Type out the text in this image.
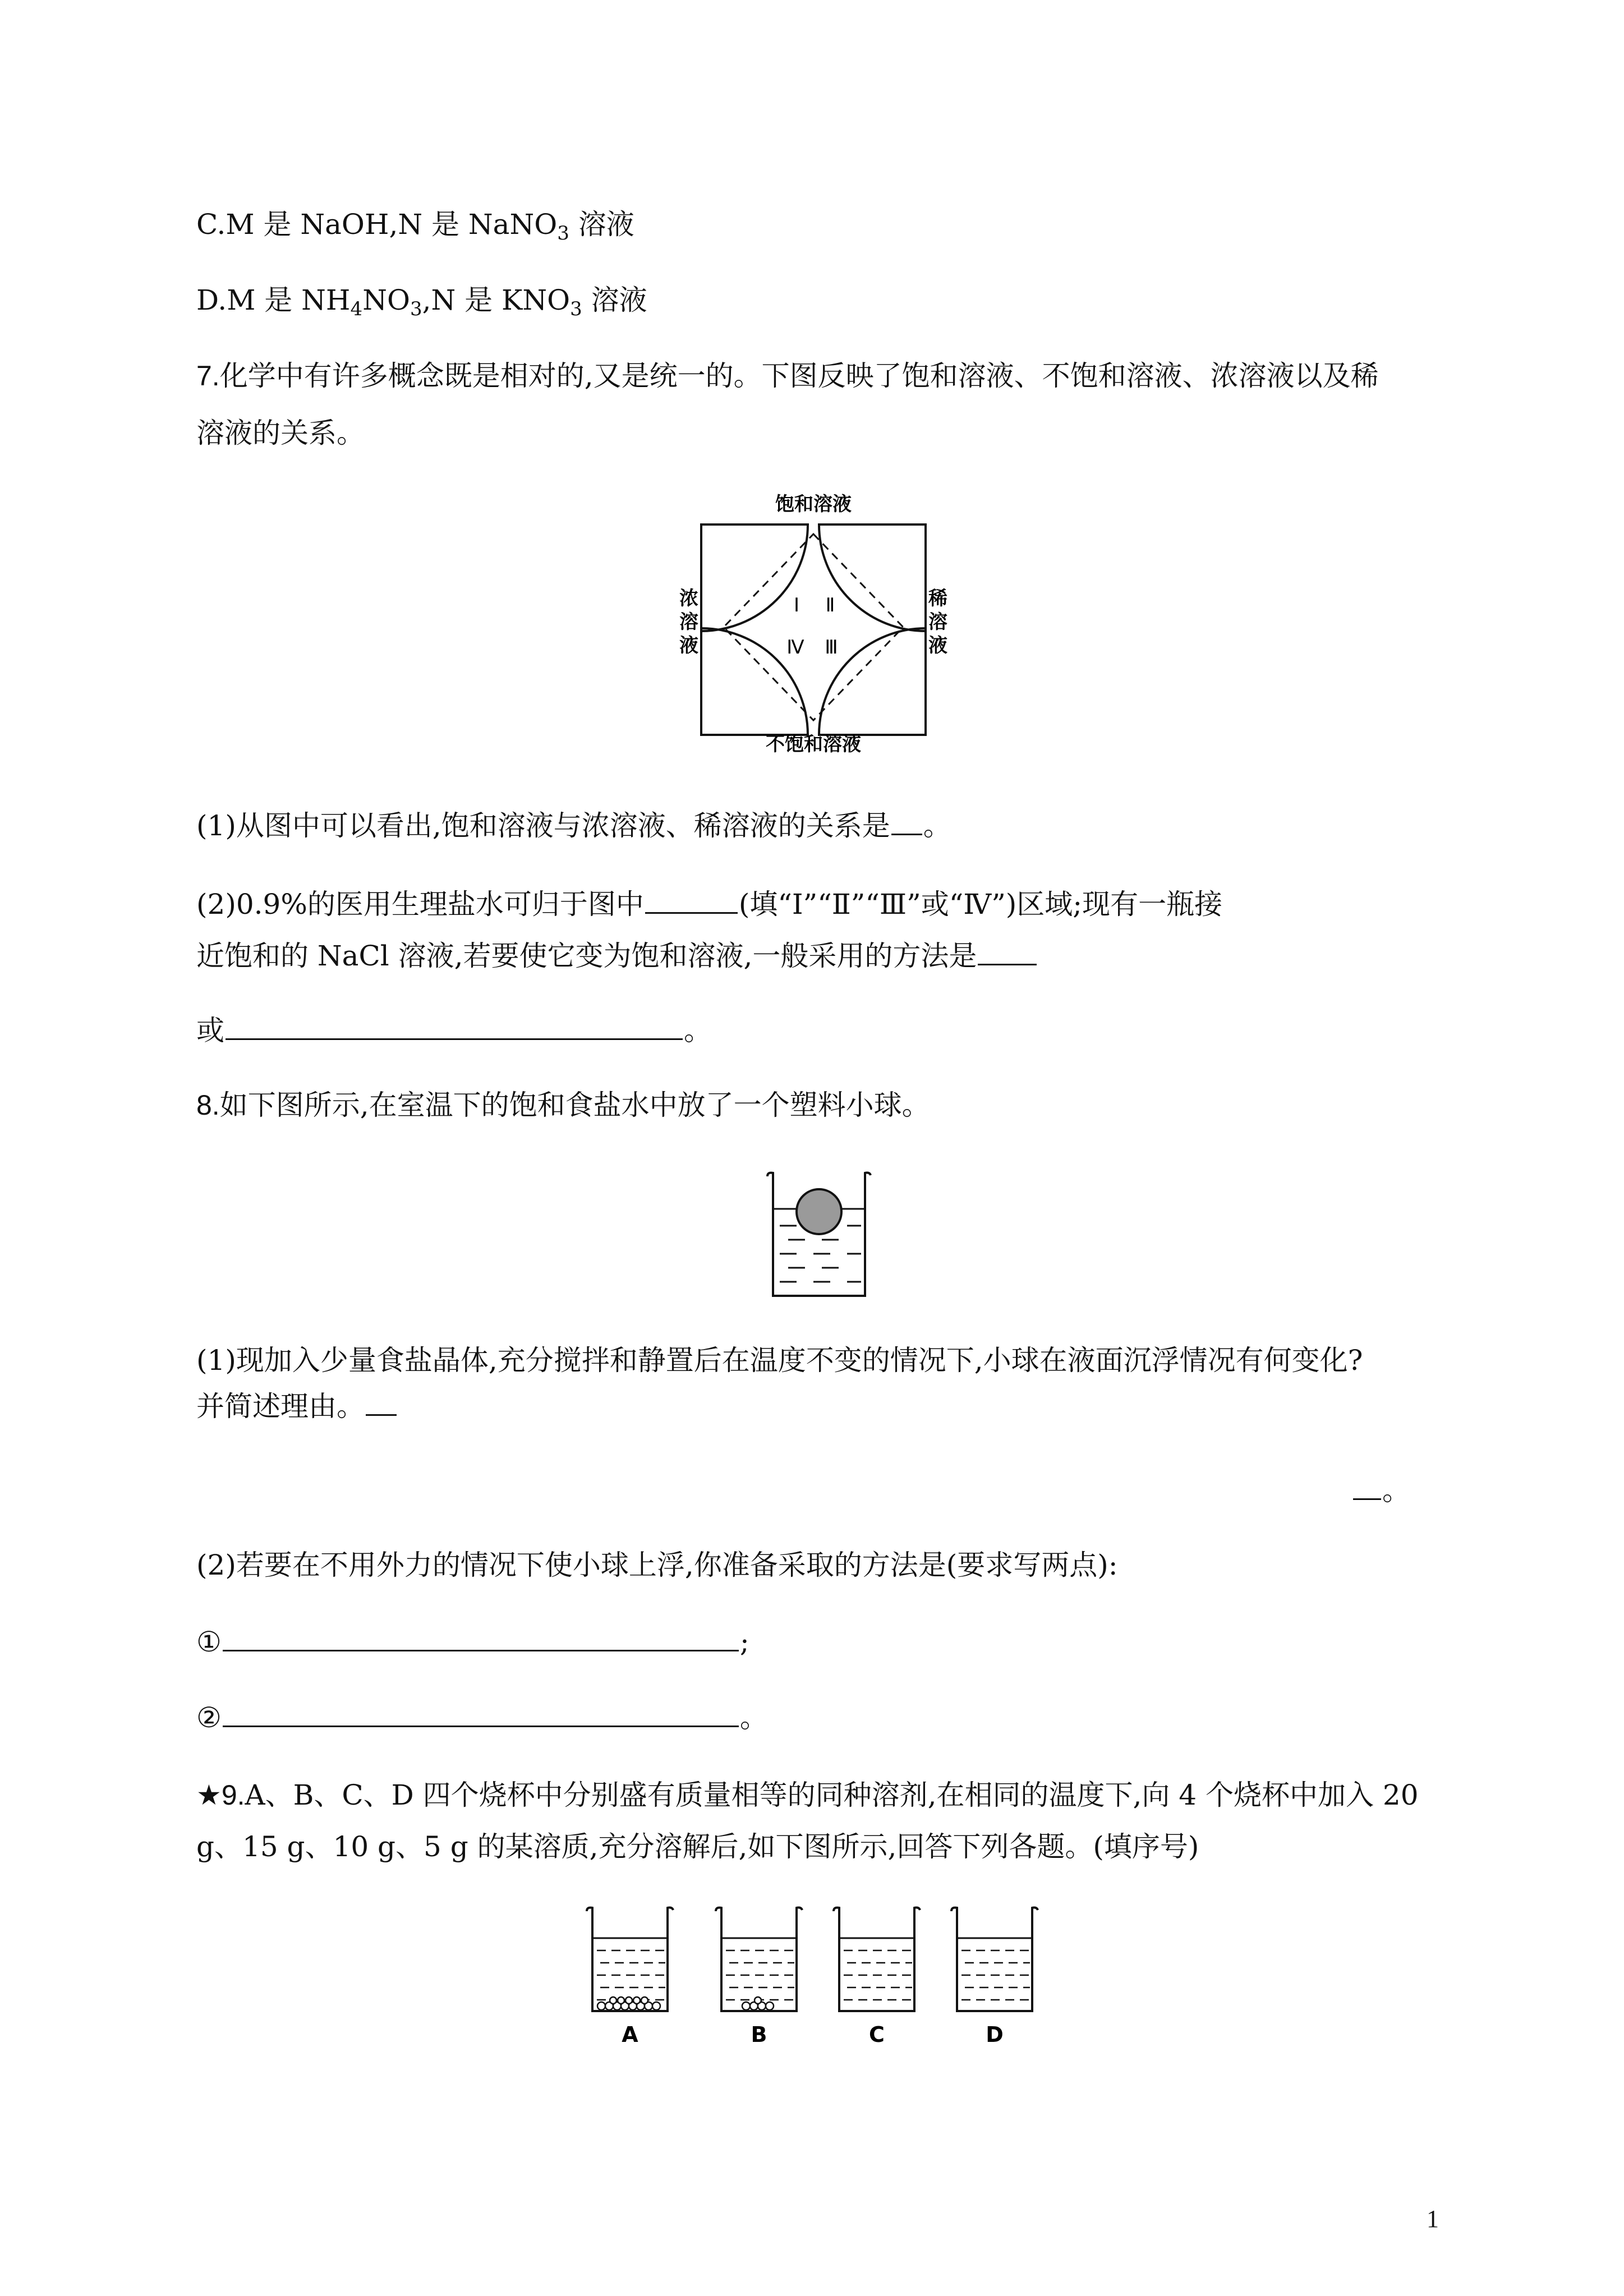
C.M 是 NaOH,N 是 NaNO$_3$ 溶液
D.M 是 $NH_4NO_3,N$ 是 $KNO_3$ 溶液
7.化学中有许多概念既是相对的,又是统一的。下图反映了饱和溶液、不饱和溶液、浓溶液以及稀
溶液的关系。
饱和溶液
不饱和溶液
浓
溶
液
稀
溶
液
Ⅰ Ⅱ
Ⅲ
Ⅳ
(1)从图中可以看出,饱和溶液与浓溶液、稀溶液的关系是 。
(2)0.9%的医用生理盐水可归于图中	(填“Ⅰ”“Ⅱ”“Ⅲ”或“Ⅳ”)区域;现有一瓶接
近饱和的 NaCl 溶液,若要使它变为饱和溶液,一般采用的方法是
或	。
8.如下图所示,在室温下的饱和食盐水中放了一个塑料小球。
(1)现加入少量食盐晶体,充分搅拌和静置后在温度不变的情况下,小球在液面沉浮情况有何变化?
并简述理由。
。
(2)若要在不用外力的情况下使小球上浮,你准备采取的方法是(要求写两点):
①	;
②	。
★9.A、B、C、D 四个烧杯中分别盛有质量相等的同种溶剂,在相同的温度下,向 4 个烧杯中加入 20
g、15 g、10 g、5 g 的某溶质,充分溶解后,如下图所示,回答下列各题。(填序号)
A	B	C	D
1
